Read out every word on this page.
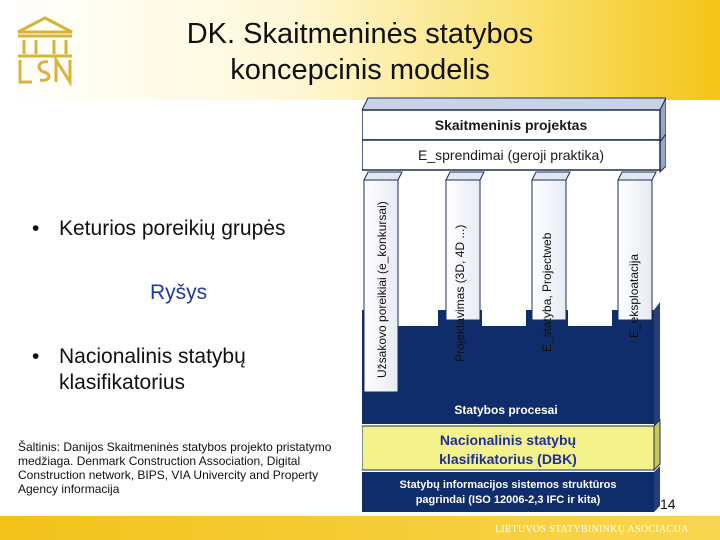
DK. Skaitmeninės statybos
koncepcinis modelis
• Keturios poreikių grupės
Ryšys
• Nacionalinis statybų
klasifikatorius
Šaltinis: Danijos Skaitmeninės statybos projekto pristatymo medžiaga. Denmark Construction Association, Digital Construction network, BIPS, VIA Univercity and Property Agency informacija
Skaitmeninis projektas
E_sprendimai (geroji praktika)
Užsakovo poreikiai (e_konkursai)	Projektavimas (3D, 4D ...)	E_statyba, Projectweb	E_eksploatacija
Statybos procesai
Nacionalinis statybų
klasifikatorius (DBK)
Statybų informacijos sistemos struktūros
pagrindai (ISO 12006-2,3 IFC ir kita)	14
LIETUVOS STATYBININKŲ ASOCIACIJA
